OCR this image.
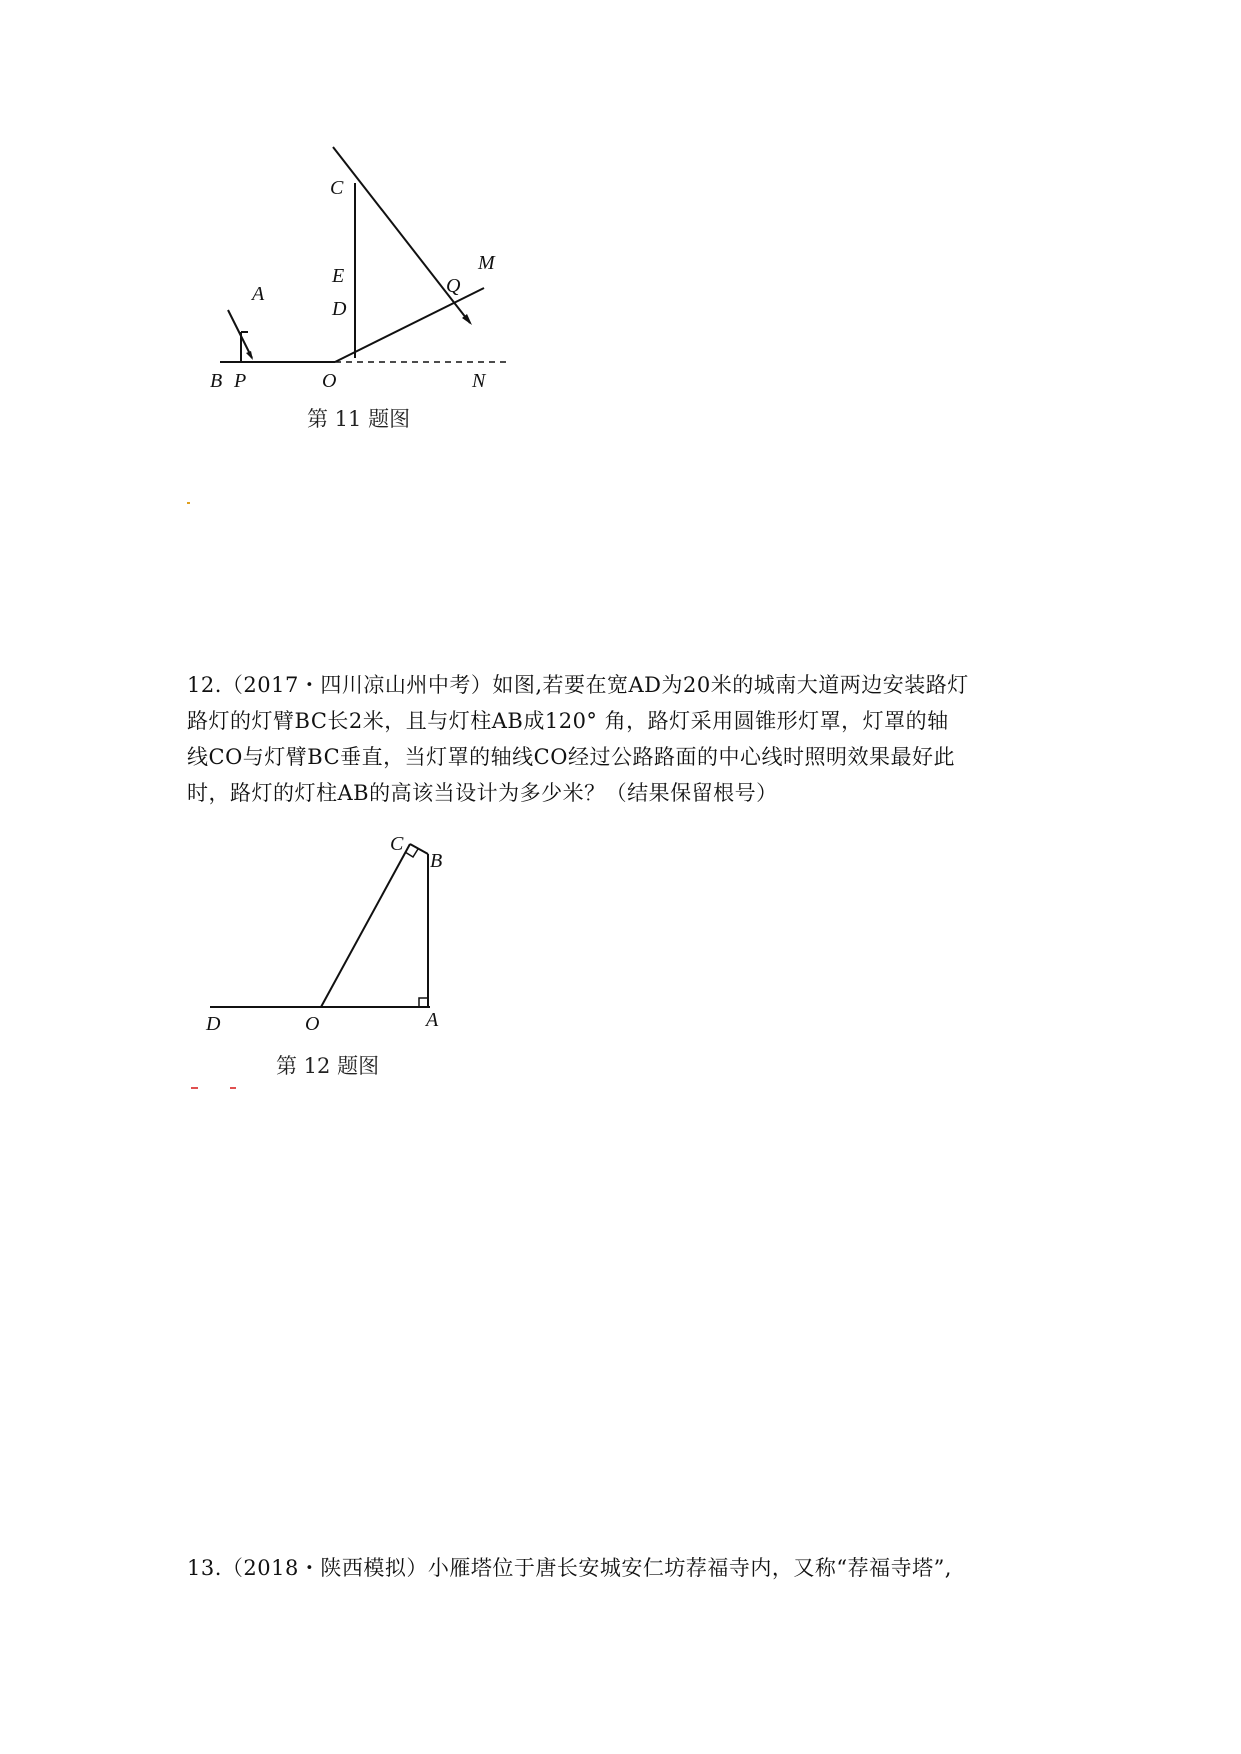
C
E
D
A
B P	O
Q
M
N
第 11 题图
12.（2017・四川凉山州中考）如图,若要在宽AD为20米的城南大道两边安装路灯
路灯的灯臂BC长2米，且与灯柱AB成120° 角，路灯采用圆锥形灯罩，灯罩的轴
线CO与灯臂BC垂直，当灯罩的轴线CO经过公路路面的中心线时照明效果最好此
时，路灯的灯柱AB的高该当设计为多少米？（结果保留根号）
C
B
D	O	A
第 12 题图
13.（2018・陕西模拟）小雁塔位于唐长安城安仁坊荐福寺内，又称“荐福寺塔”,
